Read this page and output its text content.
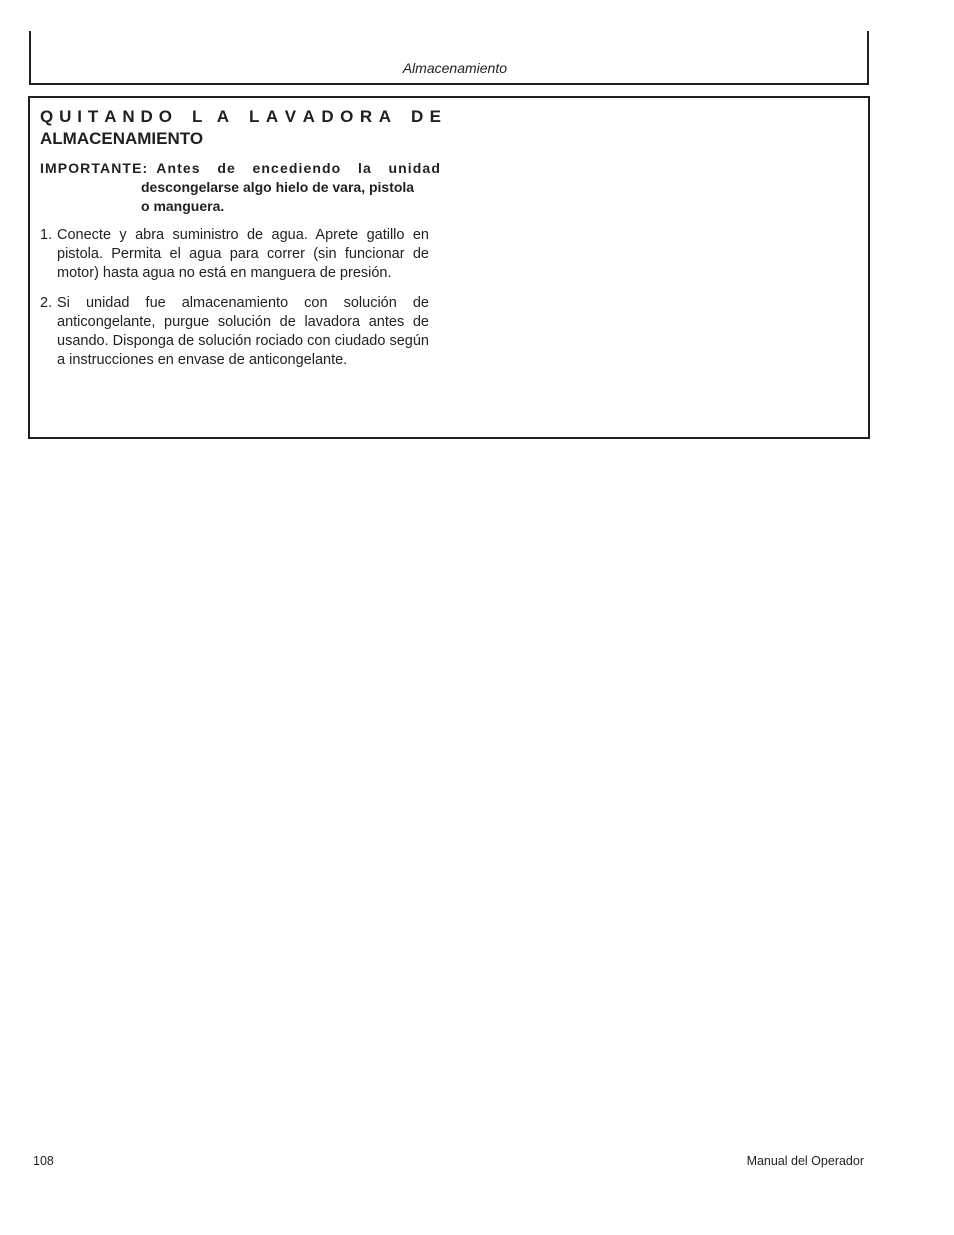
Almacenamiento
Q U I T A N D O L A L A V A D O R A D E
ALMACENAMIENTO
IMPORTANTE: Antes de encediendo la unidad
descongelarse algo hielo de vara, pistola
o manguera.
1. Conecte y abra suministro de agua. Aprete gatillo en pistola. Permita el agua para correr (sin funcionar de motor) hasta agua no está en manguera de presión.
2. Si unidad fue almacenamiento con solución de anticongelante, purgue solución de lavadora antes de usando. Disponga de solución rociado con ciudado según a instrucciones en envase de anticongelante.
108	Manual del Operador
